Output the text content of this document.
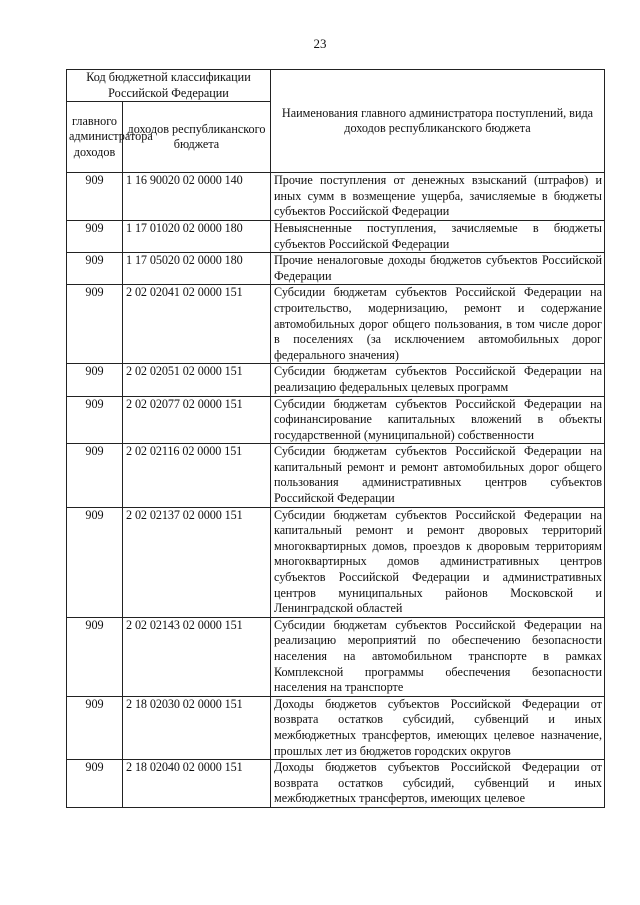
23
Код бюджетной классификации Российской Федерации		Наименования главного администратора поступлений, вида доходов республиканского бюджета
главного администратора доходов	доходов республиканского бюджета	
909	1 16 90020 02 0000 140	Прочие поступления от денежных взысканий (штрафов) и иных сумм в возмещение ущерба, зачисляемые в бюджеты субъектов Российской Федерации
909	1 17 01020 02 0000 180	Невыясненные поступления, зачисляемые в бюджеты субъектов Российской Федерации
909	1 17 05020 02 0000 180	Прочие неналоговые доходы бюджетов субъектов Российской Федерации
909	2 02 02041 02 0000 151	Субсидии бюджетам субъектов Российской Федерации на строительство, модернизацию, ремонт и содержание автомобильных дорог общего пользования, в том числе дорог в поселениях (за исключением автомобильных дорог федерального значения)
909	2 02 02051 02 0000 151	Субсидии бюджетам субъектов Российской Федерации на реализацию федеральных целевых программ
909	2 02 02077 02 0000 151	Субсидии бюджетам субъектов Российской Федерации на софинансирование капитальных вложений в объекты государственной (муниципальной) собственности
909	2 02 02116 02 0000 151	Субсидии бюджетам субъектов Российской Федерации на капитальный ремонт и ремонт автомобильных дорог общего пользования административных центров субъектов Российской Федерации
909	2 02 02137 02 0000 151	Субсидии бюджетам субъектов Российской Федерации на капитальный ремонт и ремонт дворовых территорий многоквартирных домов, проездов к дворовым территориям многоквартирных домов административных центров субъектов Российской Федерации и административных центров муниципальных районов Московской и Ленинградской областей
909	2 02 02143 02 0000 151	Субсидии бюджетам субъектов Российской Федерации на реализацию мероприятий по обеспечению безопасности населения на автомобильном транспорте в рамках Комплексной программы обеспечения безопасности населения на транспорте
909	2 18 02030 02 0000 151	Доходы бюджетов субъектов Российской Федерации от возврата остатков субсидий, субвенций и иных межбюджетных трансфертов, имеющих целевое назначение, прошлых лет из бюджетов городских округов
909	2 18 02040 02 0000 151	Доходы бюджетов субъектов Российской Федерации от возврата остатков субсидий, субвенций и иных межбюджетных трансфертов, имеющих целевое
